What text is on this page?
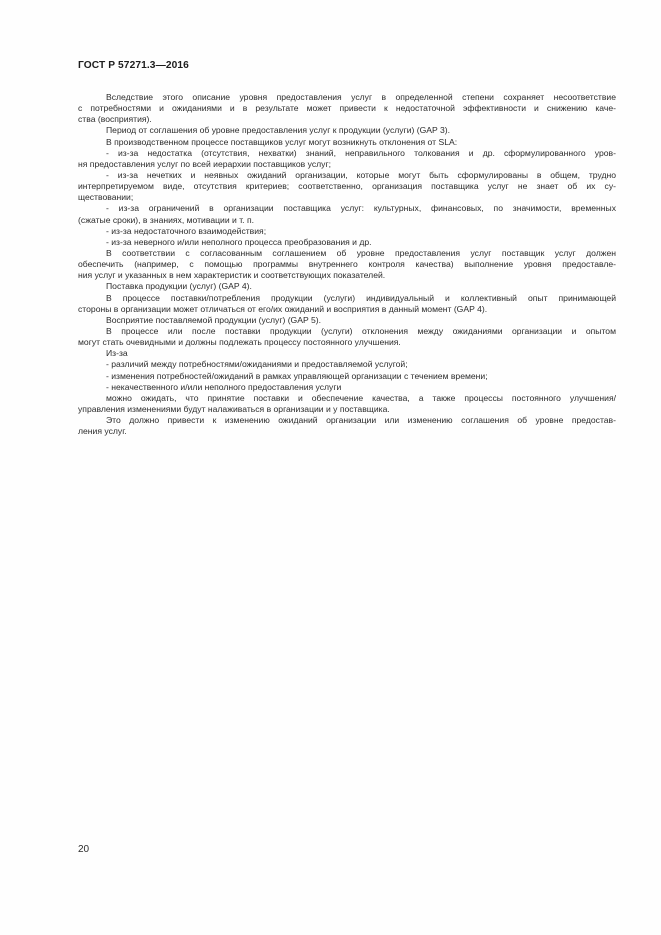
ГОСТ Р 57271.3—2016
Вследствие этого описание уровня предоставления услуг в определенной степени сохраняет несоответствие
с потребностями и ожиданиями и в результате может привести к недостаточной эффективности и снижению каче-
ства (восприятия).
Период от соглашения об уровне предоставления услуг к продукции (услуги) (GAP 3).
В производственном процессе поставщиков услуг могут возникнуть отклонения от SLA:
- из-за недостатка (отсутствия, нехватки) знаний, неправильного толкования и др. сформулированного уров-
ня предоставления услуг по всей иерархии поставщиков услуг;
- из-за нечетких и неявных ожиданий организации, которые могут быть сформулированы в общем, трудно
интерпретируемом виде, отсутствия критериев; соответственно, организация поставщика услуг не знает об их су-
ществовании;
- из-за ограничений в организации поставщика услуг: культурных, финансовых, по значимости, временных
(сжатые сроки), в знаниях, мотивации и т. п.
- из-за недостаточного взаимодействия;
- из-за неверного и/или неполного процесса преобразования и др.
В соответствии с согласованным соглашением об уровне предоставления услуг поставщик услуг должен
обеспечить (например, с помощью программы внутреннего контроля качества) выполнение уровня предоставле-
ния услуг и указанных в нем характеристик и соответствующих показателей.
Поставка продукции (услуг) (GAP 4).
В процессе поставки/потребления продукции (услуги) индивидуальный и коллективный опыт принимающей
стороны в организации может отличаться от его/их ожиданий и восприятия в данный момент (GAP 4).
Восприятие поставляемой продукции (услуг) (GAP 5).
В процессе или после поставки продукции (услуги) отклонения между ожиданиями организации и опытом
могут стать очевидными и должны подлежать процессу постоянного улучшения.
Из-за
- различий между потребностями/ожиданиями и предоставляемой услугой;
- изменения потребностей/ожиданий в рамках управляющей организации с течением времени;
- некачественного и/или неполного предоставления услуги
можно ожидать, что принятие поставки и обеспечение качества, а также процессы постоянного улучшения/
управления изменениями будут налаживаться в организации и у поставщика.
Это должно привести к изменению ожиданий организации или изменению соглашения об уровне предостав-
ления услуг.
20
